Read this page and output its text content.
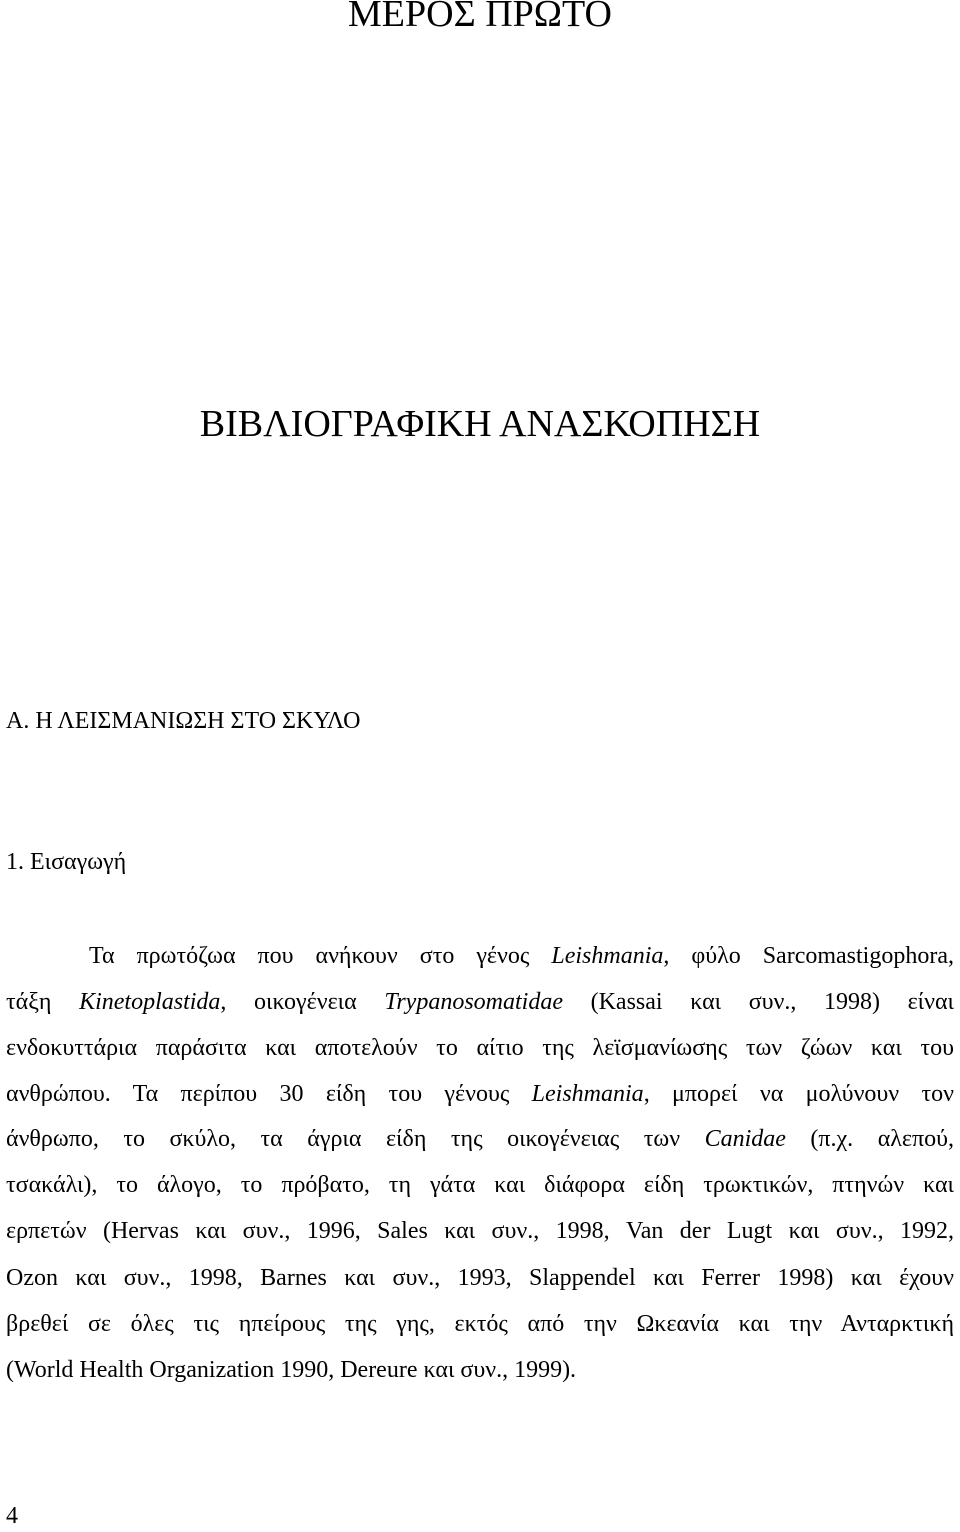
ΜΕΡΟΣ ΠΡΩΤΟ
ΒΙΒΛΙΟΓΡΑΦΙΚΗ ΑΝΑΣΚΟΠΗΣΗ
Α. Η ΛΕΙΣΜΑΝΙΩΣΗ ΣΤΟ ΣΚΥΛΟ
1. Εισαγωγή
Τα πρωτόζωα που ανήκουν στο γένος Leishmania, φύλο Sarcomastigophora,
τάξη Kinetoplastida, οικογένεια Trypanosomatidae (Kassai και συν., 1998) είναι
ενδοκυττάρια παράσιτα και αποτελούν το αίτιο της λεϊσμανίωσης των ζώων και του
ανθρώπου. Τα περίπου 30 είδη του γένους Leishmania, μπορεί να μολύνουν τον
άνθρωπο, το σκύλο, τα άγρια είδη της οικογένειας των Canidae (π.χ. αλεπού,
τσακάλι), το άλογο, το πρόβατο, τη γάτα και διάφορα είδη τρωκτικών, πτηνών και
ερπετών (Hervas και συν., 1996, Sales και συν., 1998, Van der Lugt και συν., 1992,
Ozon και συν., 1998, Barnes και συν., 1993, Slappendel και Ferrer 1998) και έχουν
βρεθεί σε όλες τις ηπείρους της γης, εκτός από την Ωκεανία και την Ανταρκτική
(World Health Organization 1990, Dereure και συν., 1999).
4
